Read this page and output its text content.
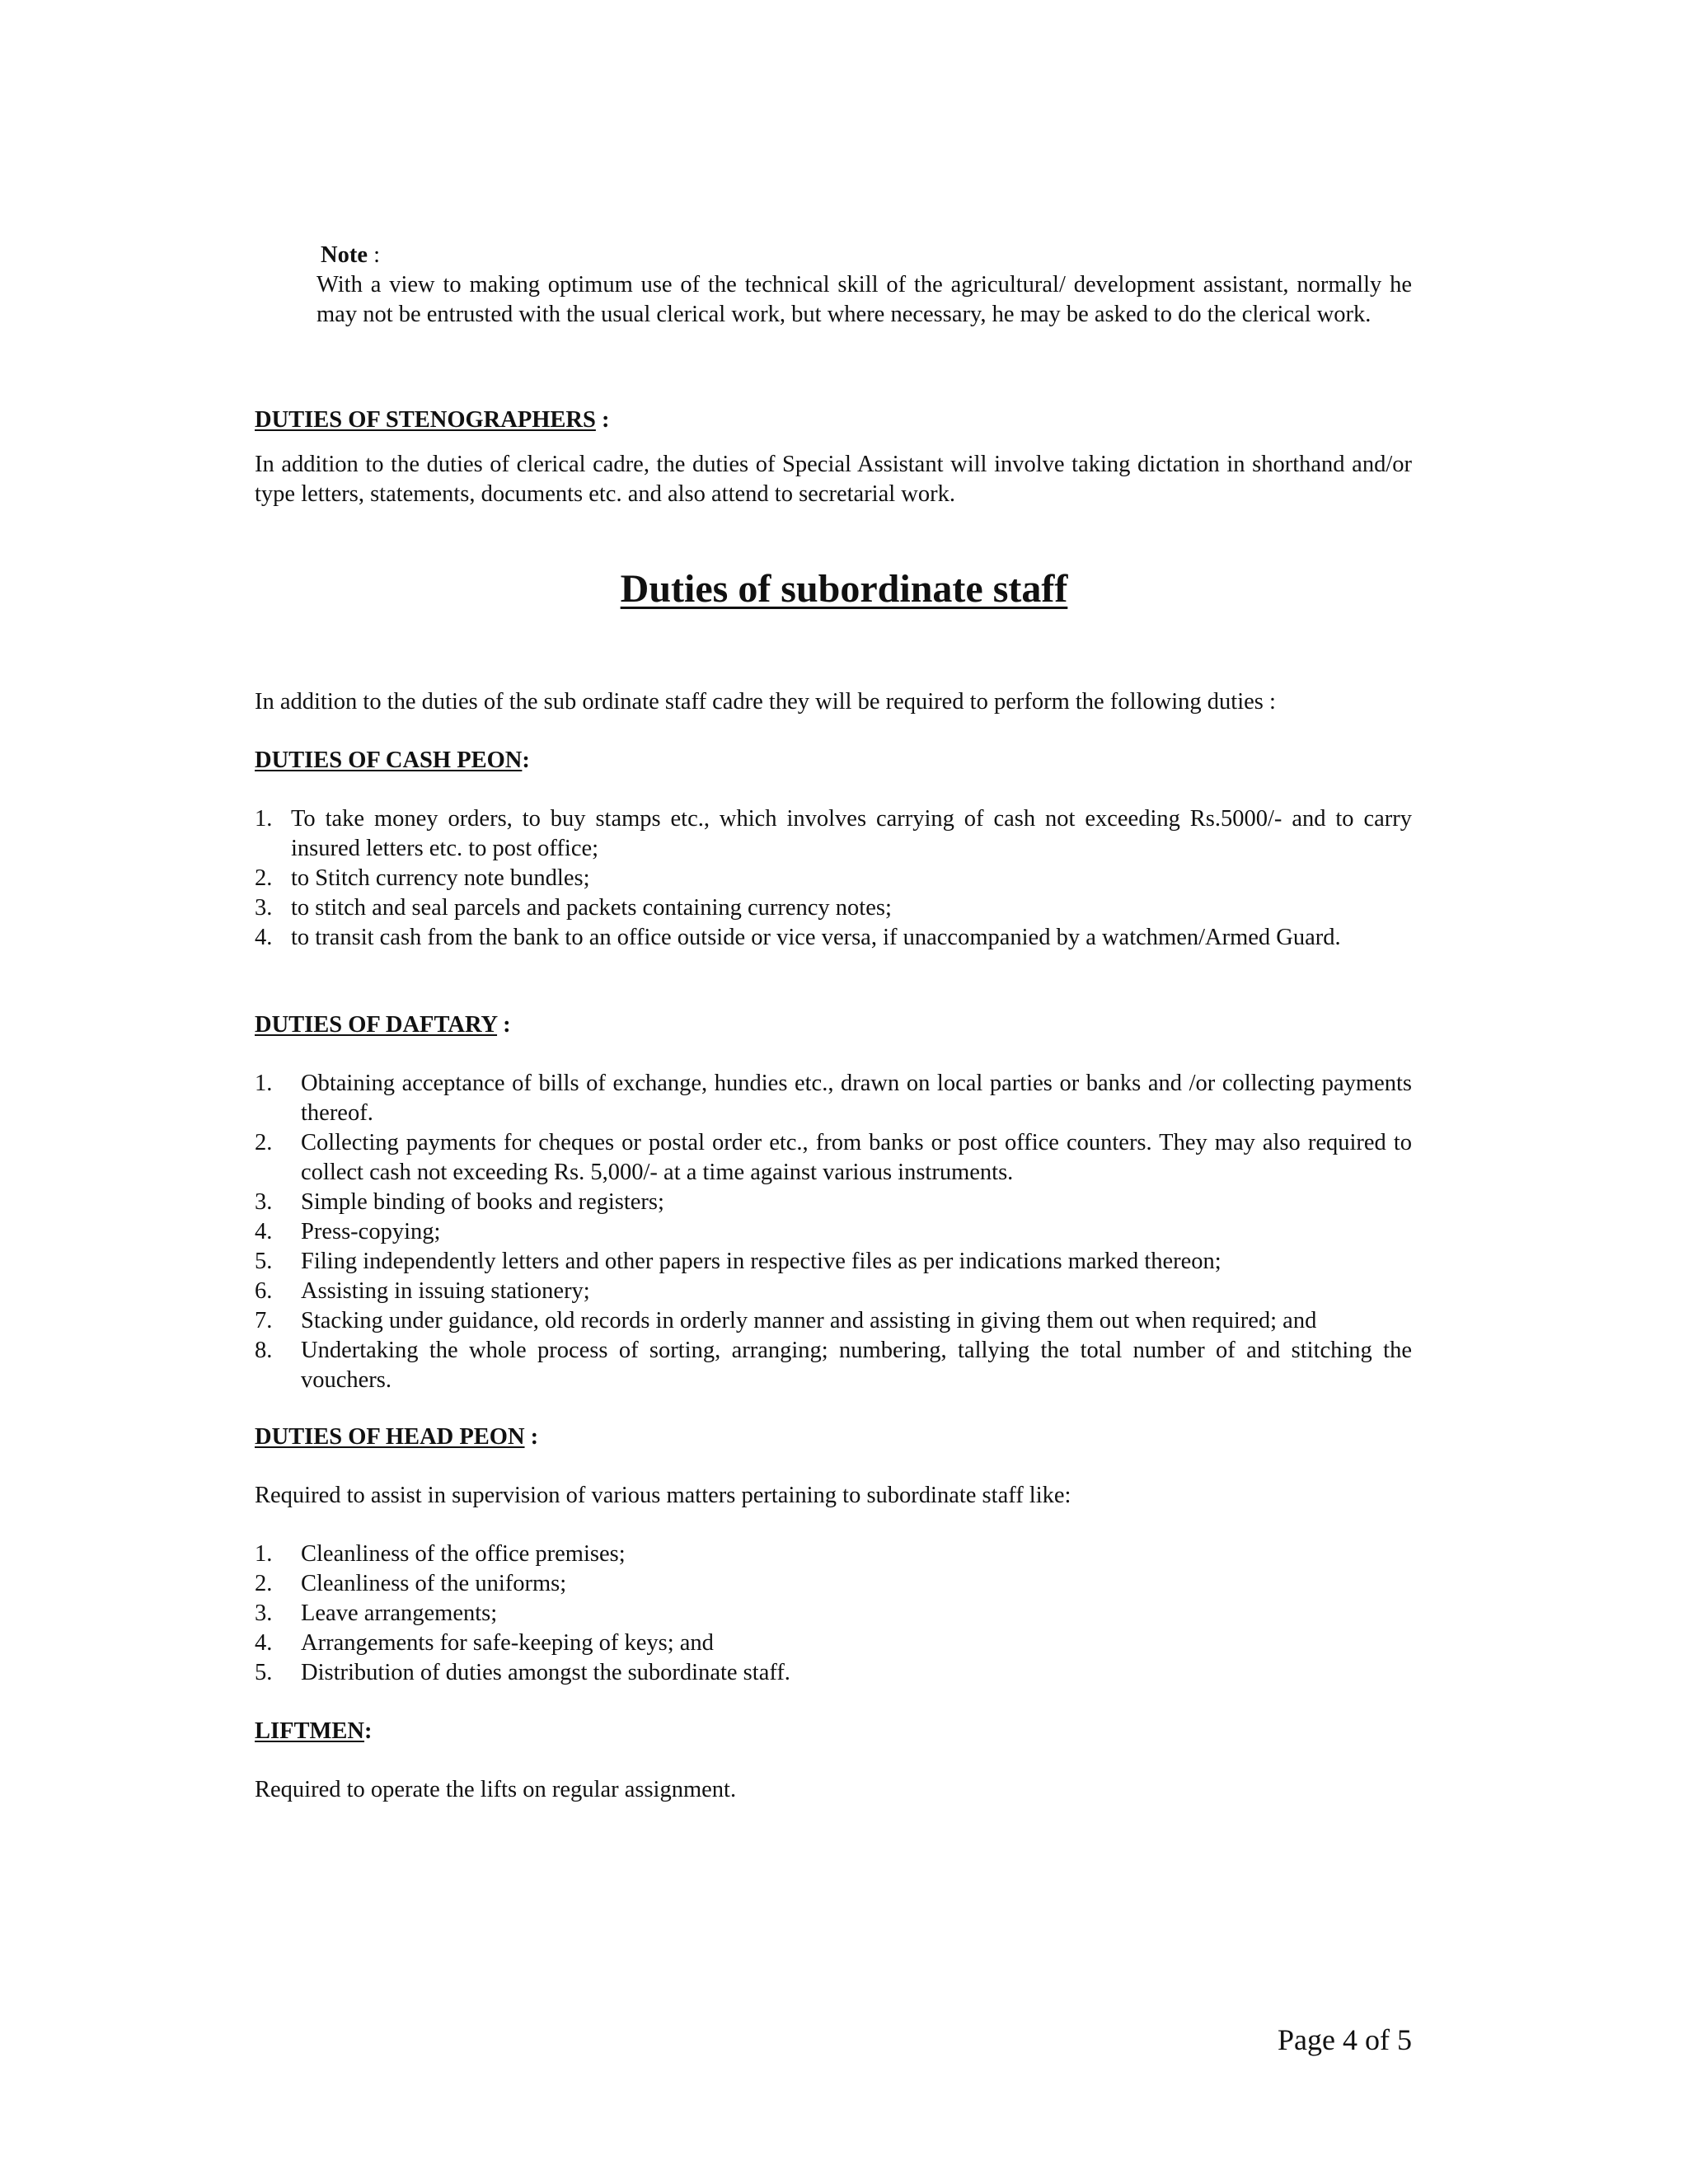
Note :
With a view to making optimum use of the technical skill of the agricultural/ development assistant, normally he may not be entrusted with the usual clerical work, but where necessary, he may be asked to do the clerical work.
DUTIES OF STENOGRAPHERS :
In addition to the duties of clerical cadre, the duties of Special Assistant will involve taking dictation in shorthand and/or type letters, statements, documents etc. and also attend to secretarial work.
Duties of subordinate staff
In addition to the duties of the sub ordinate staff cadre they will be required to perform the following duties :
DUTIES OF CASH PEON:
1. To take money orders, to buy stamps etc., which involves carrying of cash not exceeding Rs.5000/- and to carry insured letters etc. to post office;
2. to Stitch currency note bundles;
3. to stitch and seal parcels and packets containing currency notes;
4. to transit cash from the bank to an office outside or vice versa, if unaccompanied by a watchmen/Armed Guard.
DUTIES OF DAFTARY :
1. Obtaining acceptance of bills of exchange, hundies etc., drawn on local parties or banks and /or collecting payments thereof.
2. Collecting payments for cheques or postal order etc., from banks or post office counters. They may also required to collect cash not exceeding Rs. 5,000/- at a time against various instruments.
3. Simple binding of books and registers;
4. Press-copying;
5. Filing independently letters and other papers in respective files as per indications marked thereon;
6. Assisting in issuing stationery;
7. Stacking under guidance, old records in orderly manner and assisting in giving them out when required; and
8. Undertaking the whole process of sorting, arranging; numbering, tallying the total number of and stitching the vouchers.
DUTIES OF HEAD PEON :
Required to assist in supervision of various matters pertaining to subordinate staff like:
1. Cleanliness of the office premises;
2. Cleanliness of the uniforms;
3. Leave arrangements;
4. Arrangements for safe-keeping of keys; and
5. Distribution of duties amongst the subordinate staff.
LIFTMEN:
Required to operate the lifts on regular assignment.
Page 4 of 5
